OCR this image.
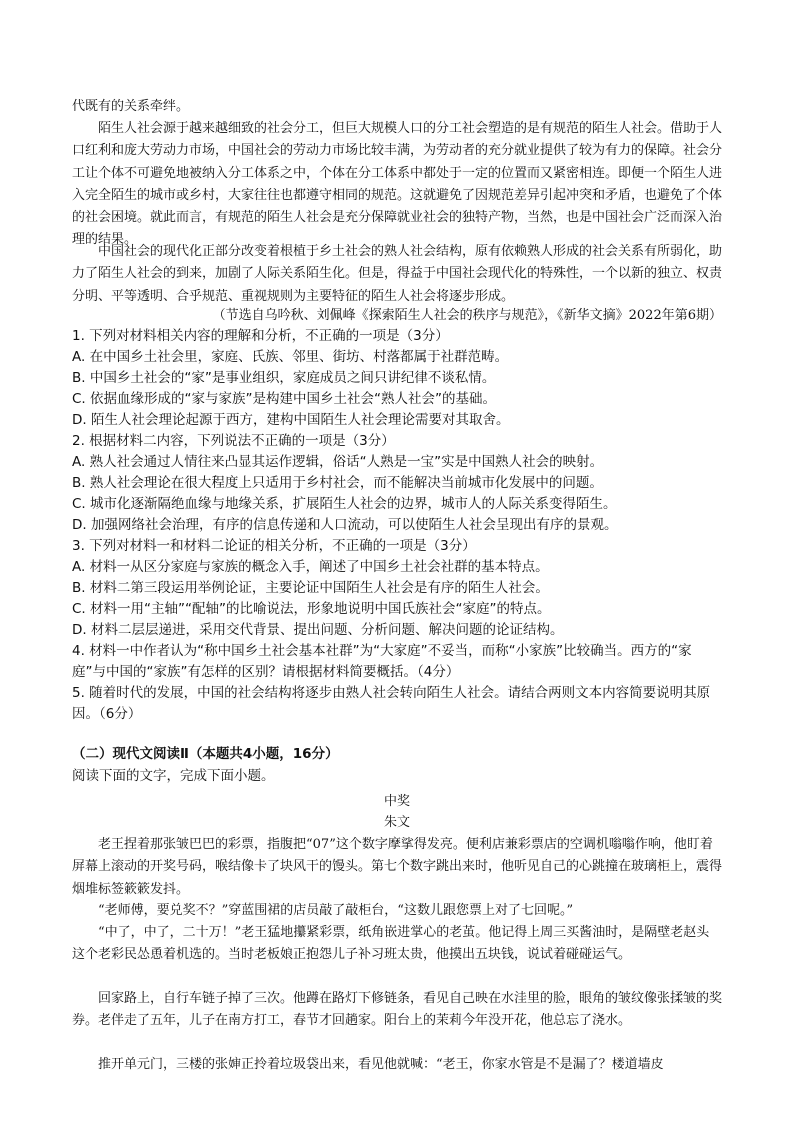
代既有的关系牵绊。
陌生人社会源于越来越细致的社会分工，但巨大规模人口的分工社会塑造的是有规范的陌生人社会。借助于人口红利和庞大劳动力市场，中国社会的劳动力市场比较丰满，为劳动者的充分就业提供了较为有力的保障。社会分工让个体不可避免地被纳入分工体系之中，个体在分工体系中都处于一定的位置而又紧密相连。即便一个陌生人进入完全陌生的城市或乡村，大家往往也都遵守相同的规范。这就避免了因规范差异引起冲突和矛盾，也避免了个体的社会困境。就此而言，有规范的陌生人社会是充分保障就业社会的独特产物，当然，也是中国社会广泛而深入治理的结果。
中国社会的现代化正部分改变着根植于乡土社会的熟人社会结构，原有依赖熟人形成的社会关系有所弱化，助力了陌生人社会的到来，加剧了人际关系陌生化。但是，得益于中国社会现代化的特殊性，一个以新的独立、权责分明、平等透明、合乎规范、重视规则为主要特征的陌生人社会将逐步形成。
（节选自乌吟秋、刘佩峰《探索陌生人社会的秩序与规范》，《新华文摘》2022年第6期）

1. 下列对材料相关内容的理解和分析，不正确的一项是（3分）

A. 在中国乡土社会里，家庭、氏族、邻里、街坊、村落都属于社群范畴。

B. 中国乡土社会的“家”是事业组织，家庭成员之间只讲纪律不谈私情。

C. 依据血缘形成的“家与家族”是构建中国乡土社会“熟人社会”的基础。

D. 陌生人社会理论起源于西方，建构中国陌生人社会理论需要对其取舍。

2. 根据材料二内容，下列说法不正确的一项是（3分）

A. 熟人社会通过人情往来凸显其运作逻辑，俗话“人熟是一宝”实是中国熟人社会的映射。

B. 熟人社会理论在很大程度上只适用于乡村社会，而不能解决当前城市化发展中的问题。

C. 城市化逐渐隔绝血缘与地缘关系，扩展陌生人社会的边界，城市人的人际关系变得陌生。

D. 加强网络社会治理，有序的信息传递和人口流动，可以使陌生人社会呈现出有序的景观。

3. 下列对材料一和材料二论证的相关分析，不正确的一项是（3分）

A. 材料一从区分家庭与家族的概念入手，阐述了中国乡土社会社群的基本特点。

B. 材料二第三段运用举例论证，主要论证中国陌生人社会是有序的陌生人社会。

C. 材料一用“主轴”“配轴”的比喻说法，形象地说明中国氏族社会“家庭”的特点。

D. 材料二层层递进，采用交代背景、提出问题、分析问题、解决问题的论证结构。

4. 材料一中作者认为“称中国乡土社会基本社群”为“大家庭”不妥当，而称“小家族”比较确当。西方的“家庭”与中国的“家族”有怎样的区别？请根据材料简要概括。（4分）
5. 随着时代的发展，中国的社会结构将逐步由熟人社会转向陌生人社会。请结合两则文本内容简要说明其原因。（6分）
（二）现代文阅读Ⅱ（本题共4小题，16分）
阅读下面的文字，完成下面小题。
中奖
朱文
老王捏着那张皱巴巴的彩票，指腹把“07”这个数字摩挲得发亮。便利店兼彩票店的空调机嗡嗡作响，他盯着屏幕上滚动的开奖号码，喉结像卡了块风干的馒头。第七个数字跳出来时，他听见自己的心跳撞在玻璃柜上，震得烟堆标签簌簌发抖。
“老师傅，要兑奖不？”穿蓝围裙的店员敲了敲柜台，“这数儿跟您票上对了七回呢。”
“中了，中了，二十万！”老王猛地攥紧彩票，纸角嵌进掌心的老茧。他记得上周三买酱油时，是隔壁老赵头这个老彩民怂恿着机选的。当时老板娘正抱怨儿子补习班太贵，他摸出五块钱，说试着碰碰运气。
回家路上，自行车链子掉了三次。他蹲在路灯下修链条，看见自己映在水洼里的脸，眼角的皱纹像张揉皱的奖券。老伴走了五年，儿子在南方打工，春节才回趟家。阳台上的茉莉今年没开花，他总忘了浇水。
推开单元门，三楼的张婶正拎着垃圾袋出来，看见他就喊：“老王，你家水管是不是漏了？楼道墙皮
